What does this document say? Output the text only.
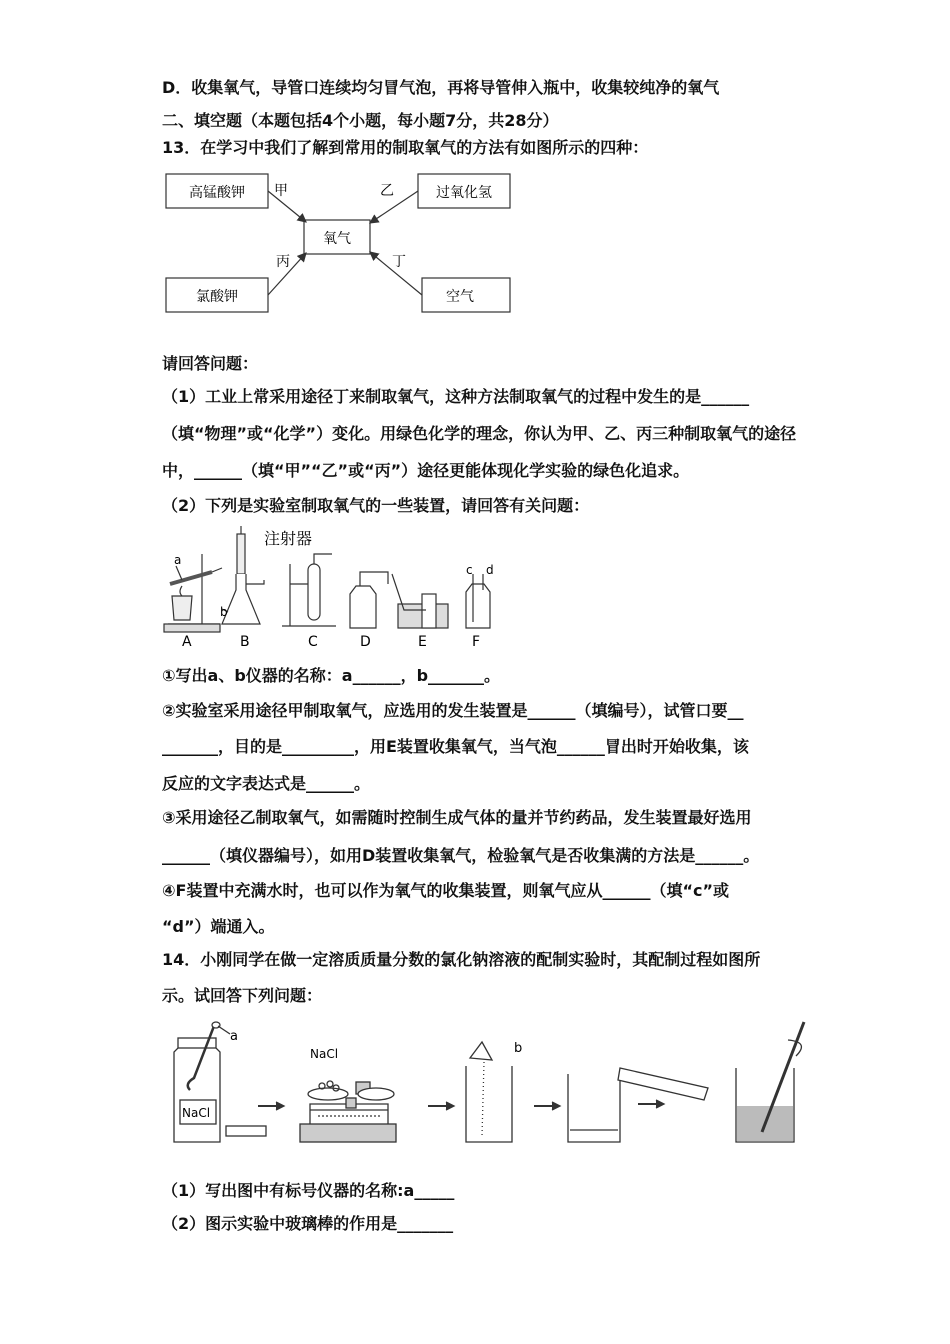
D．收集氧气，导管口连续均匀冒气泡，再将导管伸入瓶中，收集较纯净的氧气
二、填空题（本题包括4个小题，每小题7分，共28分）
13．在学习中我们了解到常用的制取氧气的方法有如图所示的四种：
高锰酸钾	过氧化氢
氧气
氯酸钾	空气
甲	乙
丙	丁
请回答问题：
（1）工业上常采用途径丁来制取氧气，这种方法制取氧气的过程中发生的是______
（填“物理”或“化学”）变化。用绿色化学的理念，你认为甲、乙、丙三种制取氧气的途径
中，______（填“甲”“乙”或“丙”）途径更能体现化学实验的绿色化追求。
（2）下列是实验室制取氧气的一些装置，请回答有关问题：
注射器
a
b
c d
A	B	C	D	E	F
①写出a、b仪器的名称：a______，b_______。
②实验室采用途径甲制取氧气，应选用的发生装置是______（填编号），试管口要__
_______，目的是_________，用E装置收集氧气，当气泡______冒出时开始收集，该
反应的文字表达式是______。
③采用途径乙制取氧气，如需随时控制生成气体的量并节约药品，发生装置最好选用
______（填仪器编号），如用D装置收集氧气，检验氧气是否收集满的方法是______。
④F装置中充满水时，也可以作为氧气的收集装置，则氧气应从______（填“c”或
“d”）端通入。
14．小刚同学在做一定溶质质量分数的氯化钠溶液的配制实验时，其配制过程如图所
示。试回答下列问题：
a
b
NaCl
NaCl
（1）写出图中有标号仪器的名称:a_____
（2）图示实验中玻璃棒的作用是_______
